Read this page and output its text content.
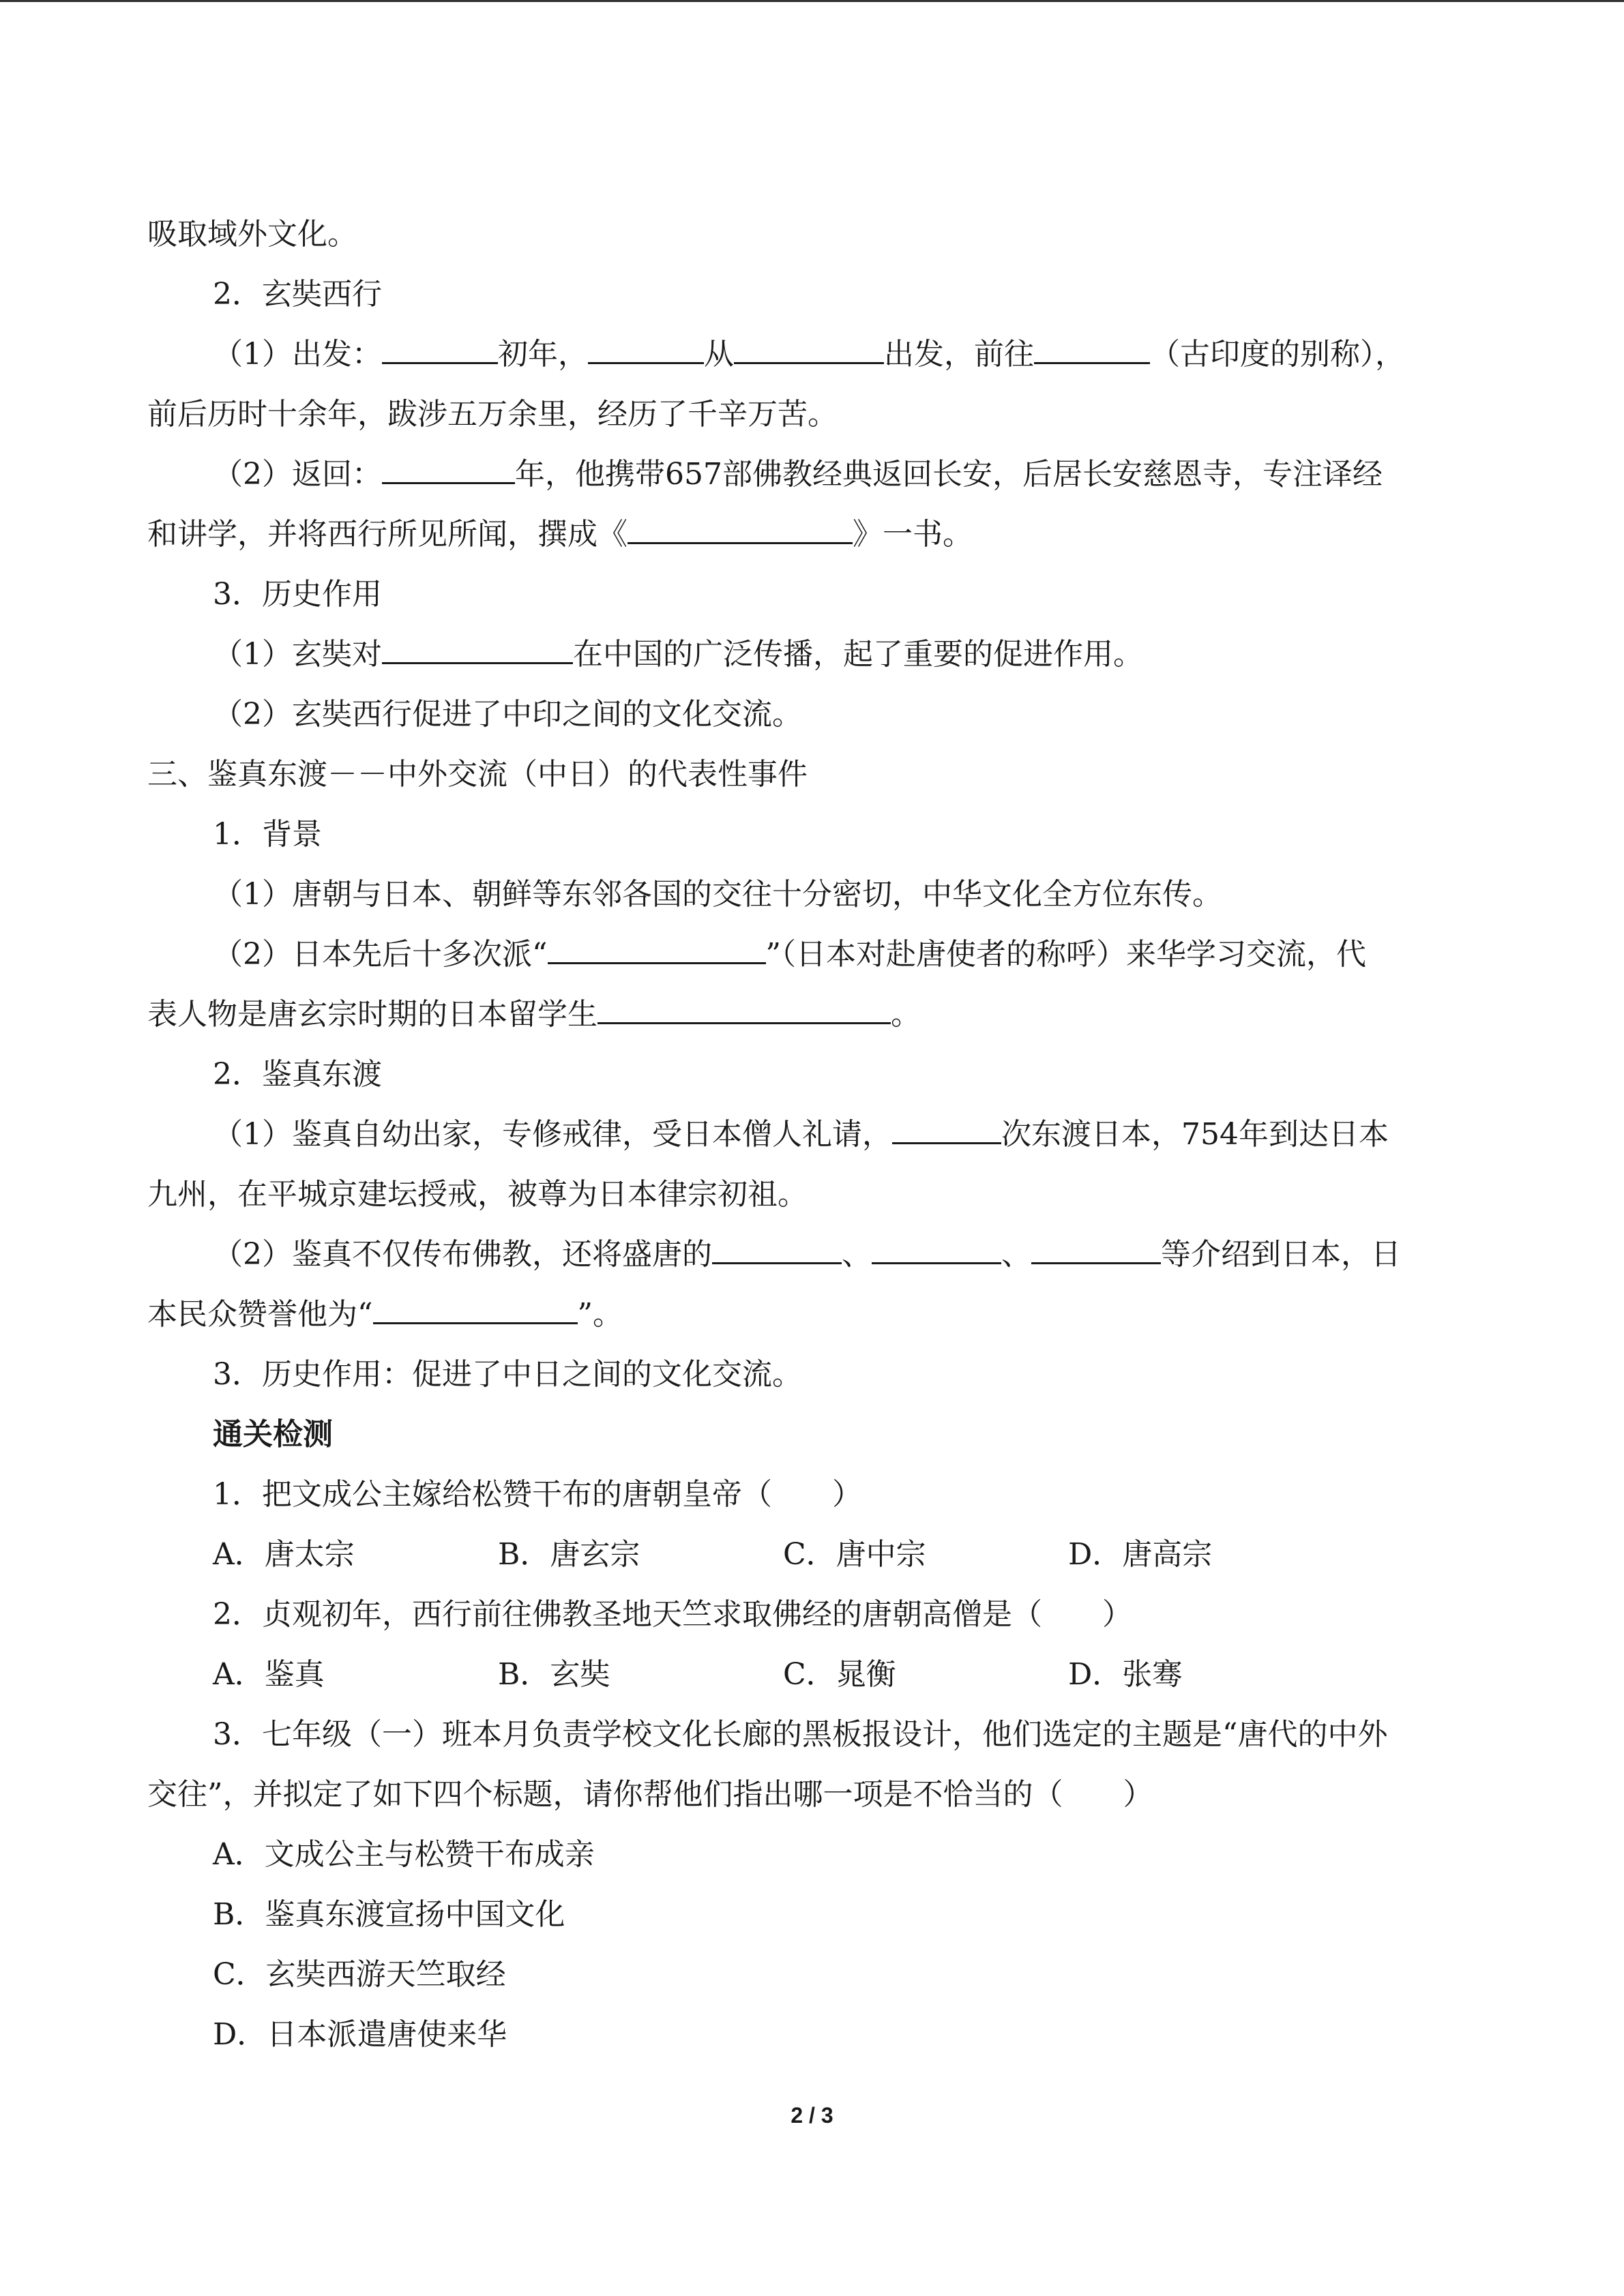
吸取域外文化。
2．玄奘西行
（1）出发：	初年，	从	出发，前往	（古印度的别称），
前后历时十余年，跋涉五万余里，经历了千辛万苦。
（2）返回：	年，他携带657部佛教经典返回长安，后居长安慈恩寺，专注译经
和讲学，并将西行所见所闻，撰成《	》一书。
3．历史作用
（1）玄奘对	在中国的广泛传播，起了重要的促进作用。
（2）玄奘西行促进了中印之间的文化交流。
三、鉴真东渡－－中外交流（中日）的代表性事件
1．背景
（1）唐朝与日本、朝鲜等东邻各国的交往十分密切，中华文化全方位东传。
（2）日本先后十多次派“	”（日本对赴唐使者的称呼）来华学习交流，代
表人物是唐玄宗时期的日本留学生	。
2．鉴真东渡
（1）鉴真自幼出家，专修戒律，受日本僧人礼请，	次东渡日本，754年到达日本
九州，在平城京建坛授戒，被尊为日本律宗初祖。
（2）鉴真不仅传布佛教，还将盛唐的	、	、	等介绍到日本，日
本民众赞誉他为“	”。
3．历史作用：促进了中日之间的文化交流。
通关检测
1．把文成公主嫁给松赞干布的唐朝皇帝（　　）
A．唐太宗	B．唐玄宗	C．唐中宗	D．唐高宗
2．贞观初年，西行前往佛教圣地天竺求取佛经的唐朝高僧是（　　）
A．鉴真	B．玄奘	C．晁衡	D．张骞
3．七年级（一）班本月负责学校文化长廊的黑板报设计，他们选定的主题是“唐代的中外
交往”，并拟定了如下四个标题，请你帮他们指出哪一项是不恰当的（　　）
A．文成公主与松赞干布成亲
B．鉴真东渡宣扬中国文化
C．玄奘西游天竺取经
D．日本派遣唐使来华
2 / 3
